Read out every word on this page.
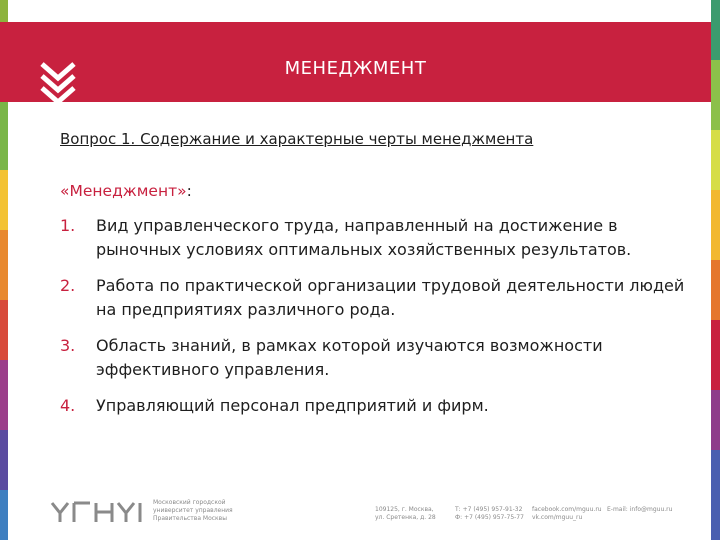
МЕНЕДЖМЕНТ

Вопрос 1. Содержание и характерные черты менеджмента

«Менеджмент»:
1.	Вид управленческого труда, направленный на достижение в рыночных условиях оптимальных хозяйственных результатов.
2.	Работа по практической организации трудовой деятельности людей на предприятиях различного рода.
3.	Область знаний, в рамках которой изучаются возможности эффективного управления.
4.	Управляющий персонал предприятий и фирм.
Московский городской
университет управления
Правительства Москвы
109125, г. Москва,
ул. Сретенка, д. 28
Т: +7 (495) 957-91-32
Ф: +7 (495) 957-75-77
facebook.com/mguu.ru
vk.com/mguu_ru
E-mail: info@mguu.ru
